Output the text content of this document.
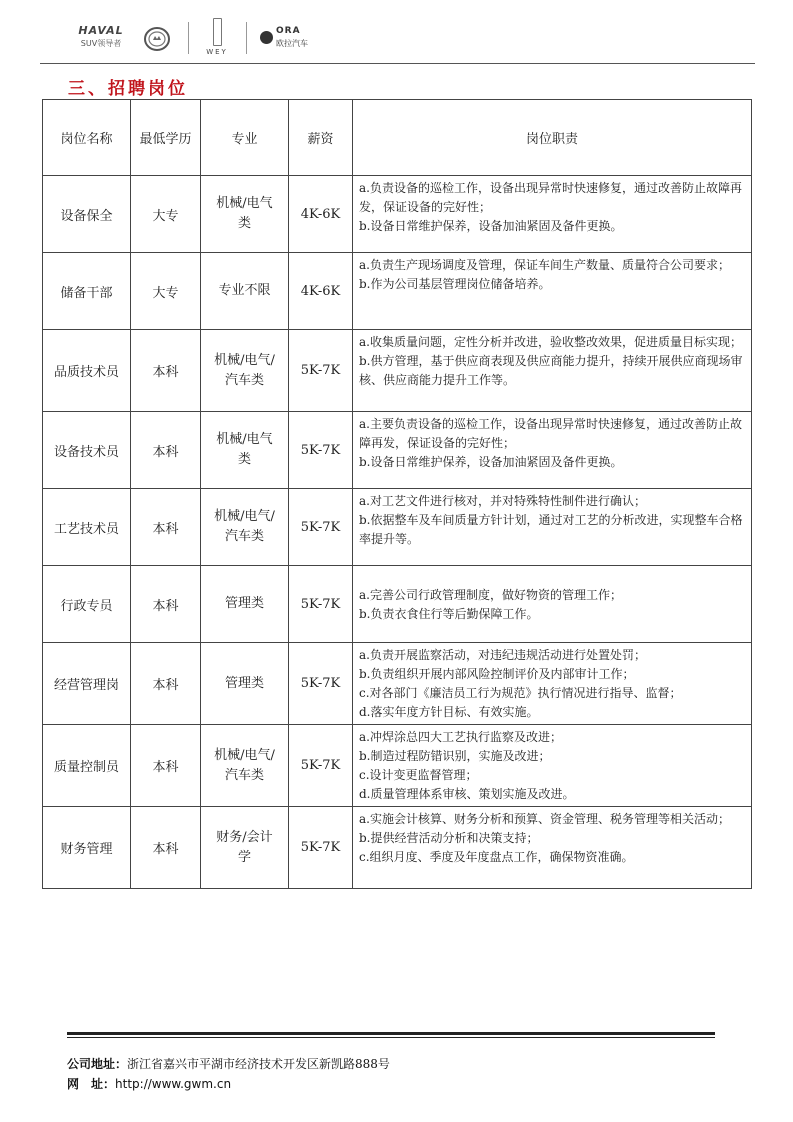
HAVAL
SUV领导者
WEY
ORA
欧拉汽车
三、招聘岗位
岗位名称	最低学历	专业	薪资	岗位职责
设备保全	大专	机械/电气类	4K-6K	a.负责设备的巡检工作，设备出现异常时快速修复，通过改善防止故障再发，保证设备的完好性；
b.设备日常维护保养，设备加油紧固及备件更换。

储备干部	大专	专业不限	4K-6K	a.负责生产现场调度及管理，保证车间生产数量、质量符合公司要求；
b.作为公司基层管理岗位储备培养。

品质技术员	本科	机械/电气/汽车类	5K-7K	a.收集质量问题，定性分析并改进，验收整改效果，促进质量目标实现；
b.供方管理，基于供应商表现及供应商能力提升，持续开展供应商现场审核、供应商能力提升工作等。

设备技术员	本科	机械/电气类	5K-7K	a.主要负责设备的巡检工作，设备出现异常时快速修复，通过改善防止故障再发，保证设备的完好性；
b.设备日常维护保养，设备加油紧固及备件更换。

工艺技术员	本科	机械/电气/汽车类	5K-7K	a.对工艺文件进行核对，并对特殊特性制件进行确认；
b.依据整车及车间质量方针计划，通过对工艺的分析改进，实现整车合格率提升等。

行政专员	本科	管理类	5K-7K	a.完善公司行政管理制度，做好物资的管理工作；
b.负责衣食住行等后勤保障工作。

经营管理岗	本科	管理类	5K-7K	a.负责开展监察活动，对违纪违规活动进行处置处罚；
b.负责组织开展内部风险控制评价及内部审计工作；
c.对各部门《廉洁员工行为规范》执行情况进行指导、监督；
d.落实年度方针目标、有效实施。

质量控制员	本科	机械/电气/汽车类	5K-7K	a.冲焊涂总四大工艺执行监察及改进；
b.制造过程防错识别，实施及改进；
c.设计变更监督管理；
d.质量管理体系审核、策划实施及改进。

财务管理	本科	财务/会计学	5K-7K	a.实施会计核算、财务分析和预算、资金管理、税务管理等相关活动；
b.提供经营活动分析和决策支持；
c.组织月度、季度及年度盘点工作，确保物资准确。
公司地址：浙江省嘉兴市平湖市经济技术开发区新凯路888号
网　址：http://www.gwm.cn
